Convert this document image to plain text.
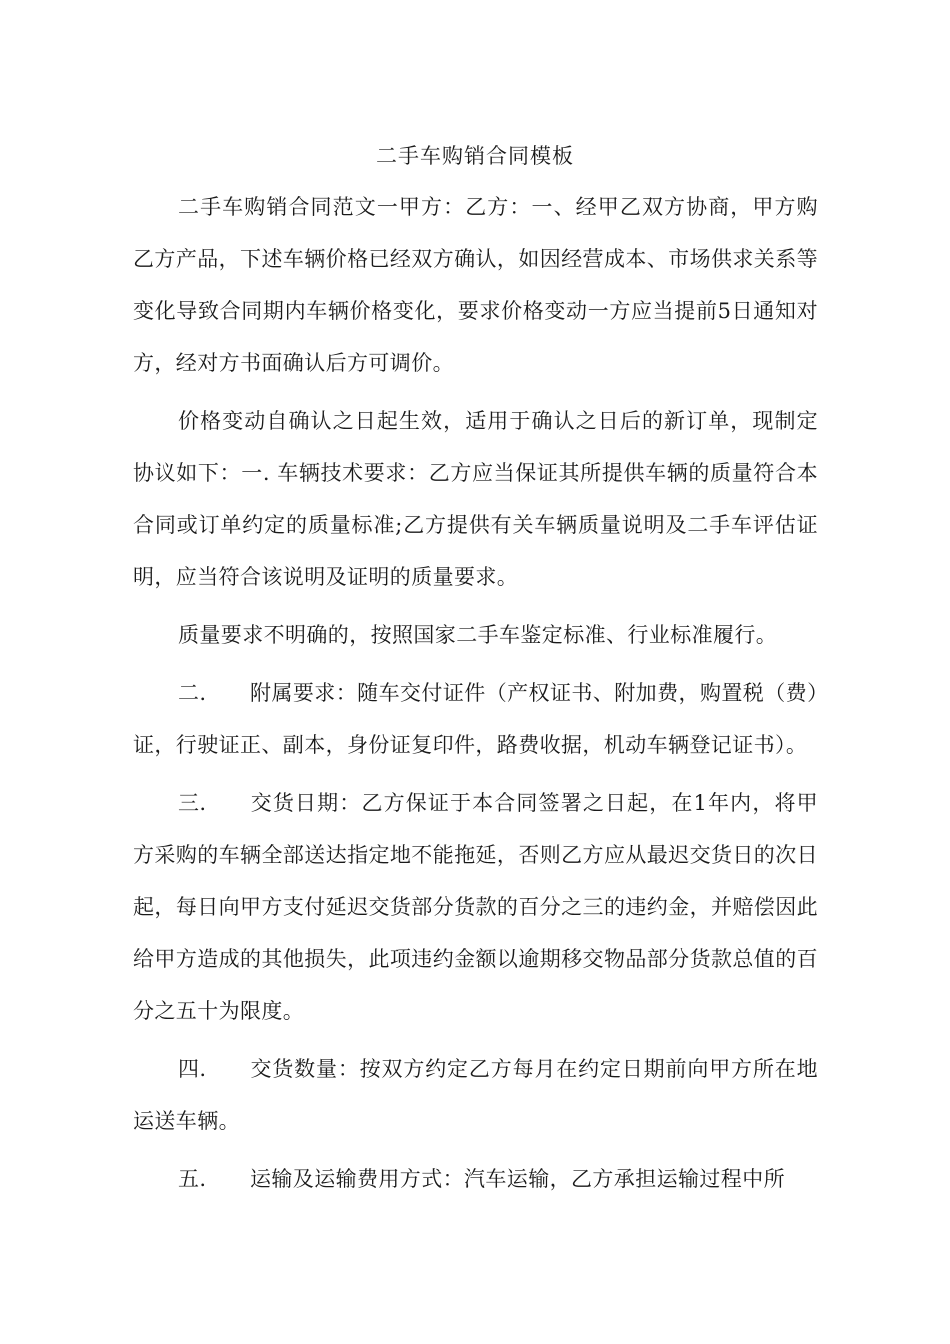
二手车购销合同模板

二手车购销合同范文一甲方：乙方：一、经甲乙双方协商，甲方购乙方产品，下述车辆价格已经双方确认，如因经营成本、市场供求关系等变化导致合同期内车辆价格变化，要求价格变动一方应当提前5日通知对方，经对方书面确认后方可调价。

价格变动自确认之日起生效，适用于确认之日后的新订单，现制定协议如下：一. 车辆技术要求：乙方应当保证其所提供车辆的质量符合本合同或订单约定的质量标准;乙方提供有关车辆质量说明及二手车评估证明，应当符合该说明及证明的质量要求。

质量要求不明确的，按照国家二手车鉴定标准、行业标准履行。

二. 附属要求：随车交付证件（产权证书、附加费，购置税（费）证，行驶证正、副本，身份证复印件，路费收据，机动车辆登记证书）。

三. 交货日期：乙方保证于本合同签署之日起，在1年内，将甲方采购的车辆全部送达指定地不能拖延，否则乙方应从最迟交货日的次日起，每日向甲方支付延迟交货部分货款的百分之三的违约金，并赔偿因此给甲方造成的其他损失，此项违约金额以逾期移交物品部分货款总值的百分之五十为限度。

四. 交货数量：按双方约定乙方每月在约定日期前向甲方所在地运送车辆。

五. 运输及运输费用方式：汽车运输，乙方承担运输过程中所
